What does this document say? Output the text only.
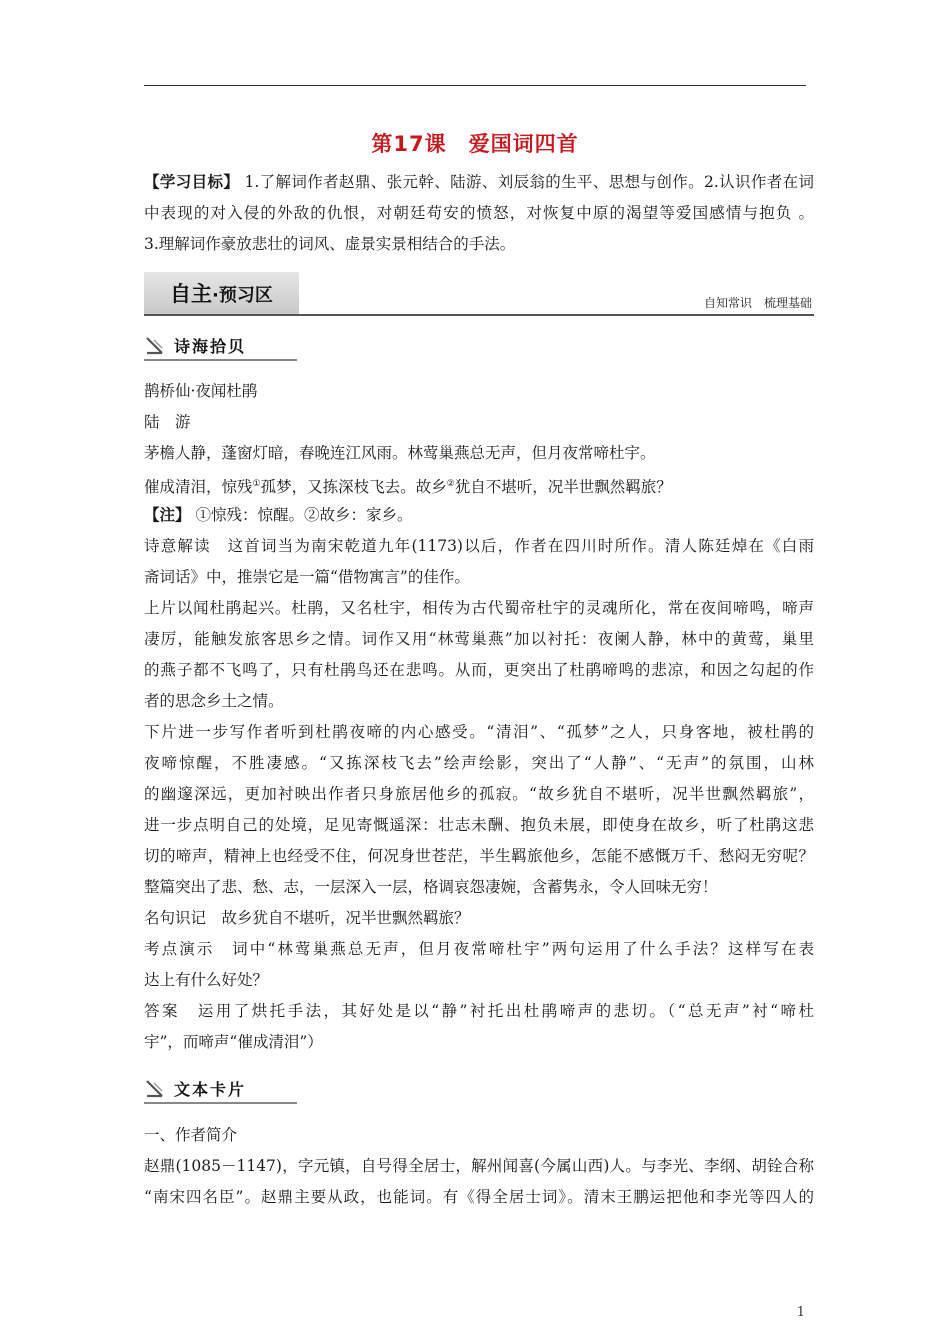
第17课　爱国词四首
【学习目标】 1.了解词作者赵鼎、张元幹、陆游、刘辰翁的生平、思想与创作。2.认识作者在词
中表现的对入侵的外敌的仇恨，对朝廷苟安的愤怒，对恢复中原的渴望等爱国感情与抱负 。
3.理解词作豪放悲壮的词风、虚景实景相结合的手法。
自主·预习区	自知常识　梳理基础
诗海拾贝
鹊桥仙·夜闻杜鹃
陆　游
茅檐人静，蓬窗灯暗，春晚连江风雨。林莺巢燕总无声，但月夜常啼杜宇。
催成清泪，惊残①孤梦，又拣深枝飞去。故乡②犹自不堪听，况半世飘然羁旅？
【注】 ①惊残：惊醒。②故乡：家乡。
诗意解读　这首词当为南宋乾道九年(1173)以后，作者在四川时所作。清人陈廷焯在《白雨
斋词话》中，推崇它是一篇“借物寓言”的佳作。
上片以闻杜鹃起兴。杜鹃，又名杜宇，相传为古代蜀帝杜宇的灵魂所化，常在夜间啼鸣，啼声
凄厉，能触发旅客思乡之情。词作又用“林莺巢燕”加以衬托：夜阑人静，林中的黄莺，巢里
的燕子都不飞鸣了，只有杜鹃鸟还在悲鸣。从而，更突出了杜鹃啼鸣的悲凉，和因之勾起的作
者的思念乡土之情。
下片进一步写作者听到杜鹃夜啼的内心感受。“清泪”、“孤梦”之人，只身客地，被杜鹃的
夜啼惊醒，不胜凄感。“又拣深枝飞去”绘声绘影，突出了“人静”、“无声”的氛围，山林
的幽邃深远，更加衬映出作者只身旅居他乡的孤寂。“故乡犹自不堪听，况半世飘然羁旅”，
进一步点明自己的处境，足见寄慨遥深：壮志未酬、抱负未展，即使身在故乡，听了杜鹃这悲
切的啼声，精神上也经受不住，何况身世苍茫，半生羁旅他乡，怎能不感慨万千、愁闷无穷呢？
整篇突出了悲、愁、志，一层深入一层，格调哀怨凄婉，含蓄隽永，令人回味无穷！
名句识记　故乡犹自不堪听，况半世飘然羁旅？
考点演示　词中“林莺巢燕总无声，但月夜常啼杜宇”两句运用了什么手法？这样写在表
达上有什么好处？
答案　运用了烘托手法，其好处是以“静”衬托出杜鹃啼声的悲切。（“总无声”衬“啼杜
宇”，而啼声“催成清泪”）
文本卡片
一、作者简介
赵鼎(1085－1147)，字元镇，自号得全居士，解州闻喜(今属山西)人。与李光、李纲、胡铨合称
“南宋四名臣”。赵鼎主要从政，也能词。有《得全居士词》。清末王鹏运把他和李光等四人的
1
